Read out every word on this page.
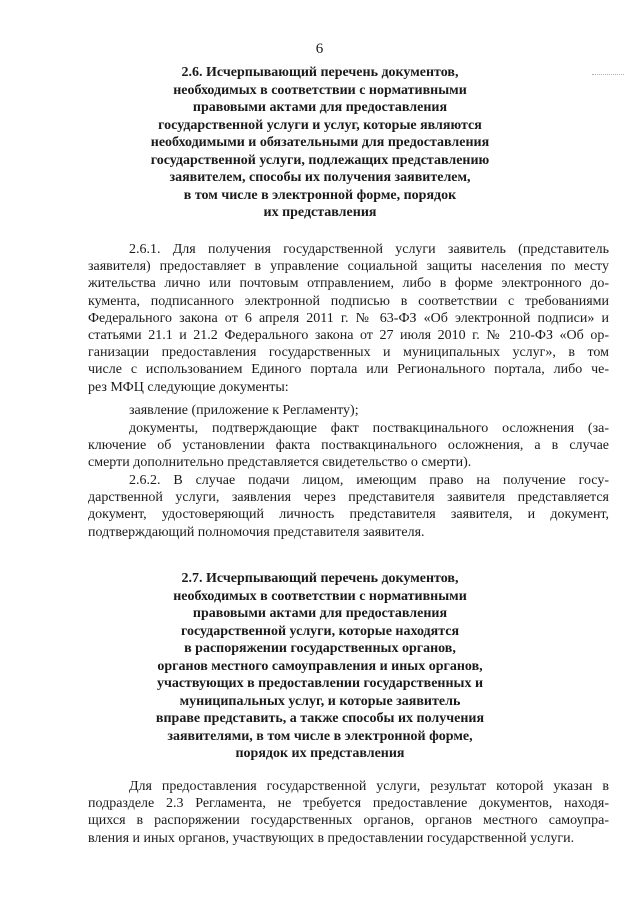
6
2.6. Исчерпывающий перечень документов,
необходимых в соответствии с нормативными
правовыми актами для предоставления
государственной услуги и услуг, которые являются
необходимыми и обязательными для предоставления
государственной услуги, подлежащих представлению
заявителем, способы их получения заявителем,
в том числе в электронной форме, порядок
их представления
2.6.1. Для получения государственной услуги заявитель (представитель
заявителя) предоставляет в управление социальной защиты населения по месту
жительства лично или почтовым отправлением, либо в форме электронного до-
кумента, подписанного электронной подписью в соответствии с требованиями
Федерального закона от 6 апреля 2011 г. № 63-ФЗ «Об электронной подписи» и
статьями 21.1 и 21.2 Федерального закона от 27 июля 2010 г. № 210-ФЗ «Об ор-
ганизации предоставления государственных и муниципальных услуг», в том
числе с использованием Единого портала или Регионального портала, либо че-
рез МФЦ следующие документы:
заявление (приложение к Регламенту);
документы, подтверждающие факт поствакцинального осложнения (за-
ключение об установлении факта поствакцинального осложнения, а в случае
смерти дополнительно представляется свидетельство о смерти).
2.6.2. В случае подачи лицом, имеющим право на получение госу-
дарственной услуги, заявления через представителя заявителя представляется
документ, удостоверяющий личность представителя заявителя, и документ,
подтверждающий полномочия представителя заявителя.
2.7. Исчерпывающий перечень документов,
необходимых в соответствии с нормативными
правовыми актами для предоставления
государственной услуги, которые находятся
в распоряжении государственных органов,
органов местного самоуправления и иных органов,
участвующих в предоставлении государственных и
муниципальных услуг, и которые заявитель
вправе представить, а также способы их получения
заявителями, в том числе в электронной форме,
порядок их представления
Для предоставления государственной услуги, результат которой указан в
подразделе 2.3 Регламента, не требуется предоставление документов, находя-
щихся в распоряжении государственных органов, органов местного самоупра-
вления и иных органов, участвующих в предоставлении государственной услуги.
